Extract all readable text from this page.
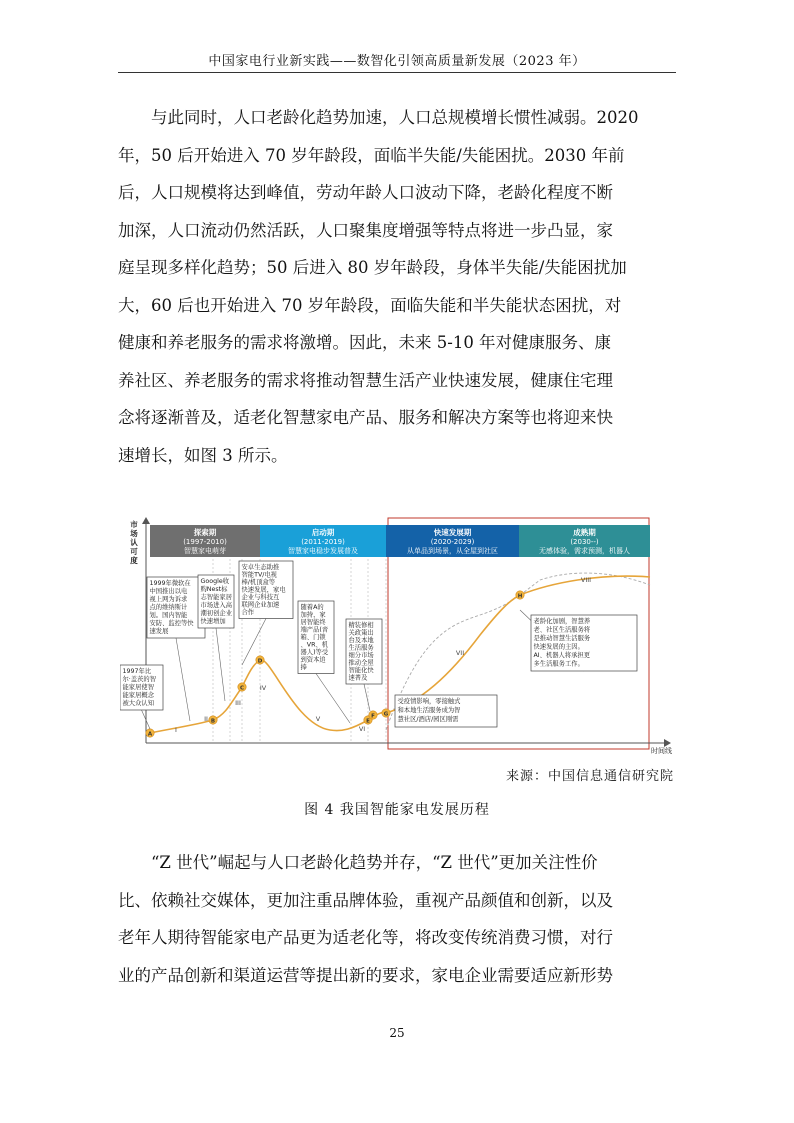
中国家电行业新实践——数智化引领高质量新发展（2023 年）
与此同时，人口老龄化趋势加速，人口总规模增长惯性减弱。2020
年，50 后开始进入 70 岁年龄段，面临半失能/失能困扰。2030 年前
后，人口规模将达到峰值，劳动年龄人口波动下降，老龄化程度不断
加深，人口流动仍然活跃，人口聚集度增强等特点将进一步凸显，家
庭呈现多样化趋势；50 后进入 80 岁年龄段，身体半失能/失能困扰加
大，60 后也开始进入 70 岁年龄段，面临失能和半失能状态困扰，对
健康和养老服务的需求将激增。因此，未来 5-10 年对健康服务、康
养社区、养老服务的需求将推动智慧生活产业快速发展，健康住宅理
念将逐渐普及，适老化智慧家电产品、服务和解决方案等也将迎来快
速增长，如图 3 所示。
市
场
认
可
度
时间线
探索期
(1997-2010)
智慧家电萌芽
启动期
(2011-2019)
智慧家电稳步发展普及
快速发展期
(2020-2029)
从单品到场景，从全屋到社区
成熟期
(2030--)
无感体验，需求预测，机器人
I
II
III
IV
V
VI
VII
VIII
A
B
C
D
E
F G
H
1997年比
尔·盖茨的智
能家居使智
能家居概念
被大众认知
1999年微软在
中国推出以电
视上网为诉求
点的维纳斯计
划。国内智能
安防、监控等快
速发展
Google收
购Nest标
志智能家居
市场进入高
潮初创企业
快速增加
安卓生态助推
智能TV/电视
棒/机顶盒等
快速发展，家电
企业与科技互
联网企业加速
合作
随着A的
加持，家
居智能终
端产品(音
箱、门锁
、VR、机
器人)等受
到资本追
捧
精装修相
关政策出
台及本地
生活服务
细分市场
推动全屋
智能化快
速普及
受疫情影响，零接触式
和本地生活服务成为智
慧社区/酒店/园区刚需
老龄化加剧，智慧养
老、社区生活服务将
是推动智慧生活服务
快速发展的主因。
AI、机器人将承担更
多生活服务工作。
来源：中国信息通信研究院
图 4 我国智能家电发展历程
“Z 世代”崛起与人口老龄化趋势并存，“Z 世代”更加关注性价
比、依赖社交媒体，更加注重品牌体验，重视产品颜值和创新，以及
老年人期待智能家电产品更为适老化等，将改变传统消费习惯，对行
业的产品创新和渠道运营等提出新的要求，家电企业需要适应新形势
25
